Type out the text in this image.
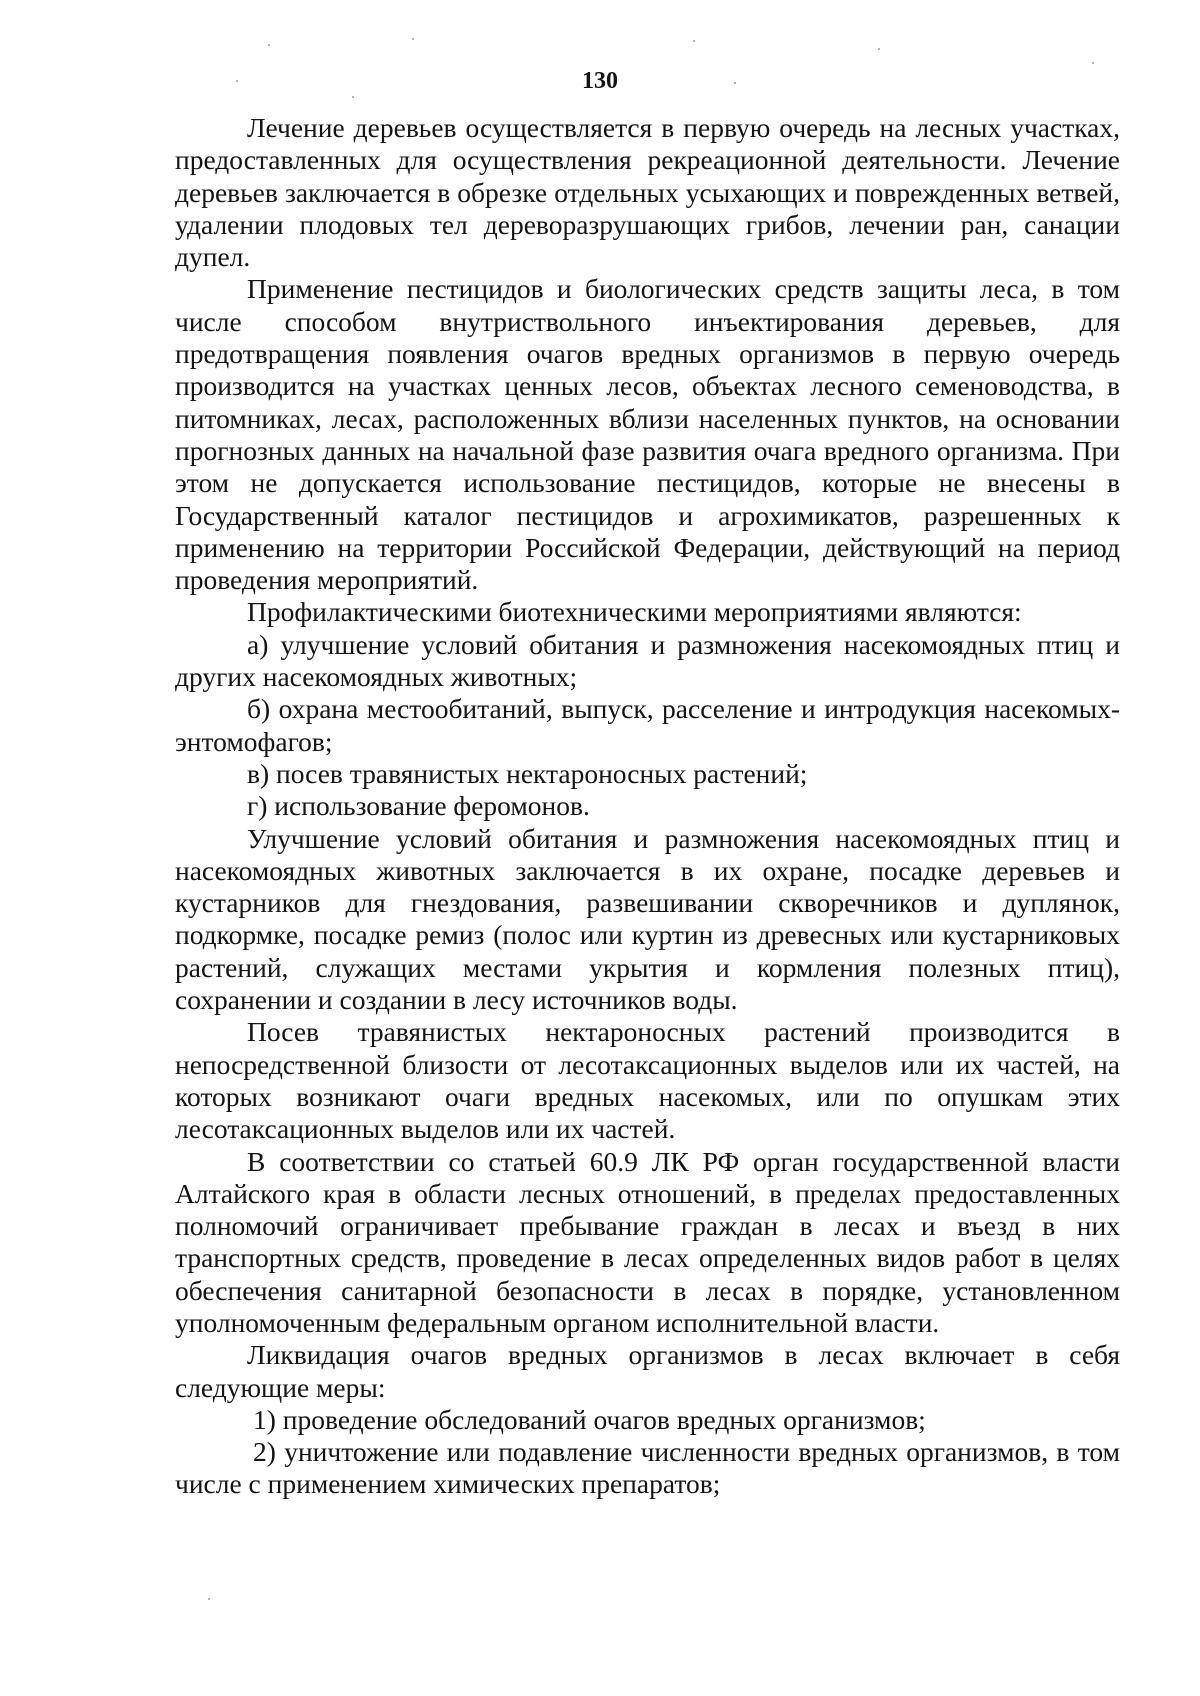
130

Лечение деревьев осуществляется в первую очередь на лесных участках, предоставленных для осуществления рекреационной деятельности. Лечение деревьев заключается в обрезке отдельных усыхающих и поврежденных ветвей, удалении плодовых тел дереворазрушающих грибов, лечении ран, санации дупел.

Применение пестицидов и биологических средств защиты леса, в том числе способом внутриствольного инъектирования деревьев, для предотвращения появления очагов вредных организмов в первую очередь производится на участках ценных лесов, объектах лесного семеноводства, в питомниках, лесах, расположенных вблизи населенных пунктов, на основании прогнозных данных на начальной фазе развития очага вредного организма. При этом не допускается использование пестицидов, которые не внесены в Государственный каталог пестицидов и агрохимикатов, разрешенных к применению на территории Российской Федерации, действующий на период проведения мероприятий.

Профилактическими биотехническими мероприятиями являются:

а) улучшение условий обитания и размножения насекомоядных птиц и других насекомоядных животных;

б) охрана местообитаний, выпуск, расселение и интродукция насекомых-энтомофагов;

в) посев травянистых нектароносных растений;

г) использование феромонов.

Улучшение условий обитания и размножения насекомоядных птиц и насекомоядных животных заключается в их охране, посадке деревьев и кустарников для гнездования, развешивании скворечников и дуплянок, подкормке, посадке ремиз (полос или куртин из древесных или кустарниковых растений, служащих местами укрытия и кормления полезных птиц), сохранении и создании в лесу источников воды.

Посев травянистых нектароносных растений производится в непосредственной близости от лесотаксационных выделов или их частей, на которых возникают очаги вредных насекомых, или по опушкам этих лесотаксационных выделов или их частей.

В соответствии со статьей 60.9 ЛК РФ орган государственной власти Алтайского края в области лесных отношений, в пределах предоставленных полномочий ограничивает пребывание граждан в лесах и въезд в них транспортных средств, проведение в лесах определенных видов работ в целях обеспечения санитарной безопасности в лесах в порядке, установленном уполномоченным федеральным органом исполнительной власти.

Ликвидация очагов вредных организмов в лесах включает в себя следующие меры:

1) проведение обследований очагов вредных организмов;

2) уничтожение или подавление численности вредных организмов, в том числе с применением химических препаратов;
